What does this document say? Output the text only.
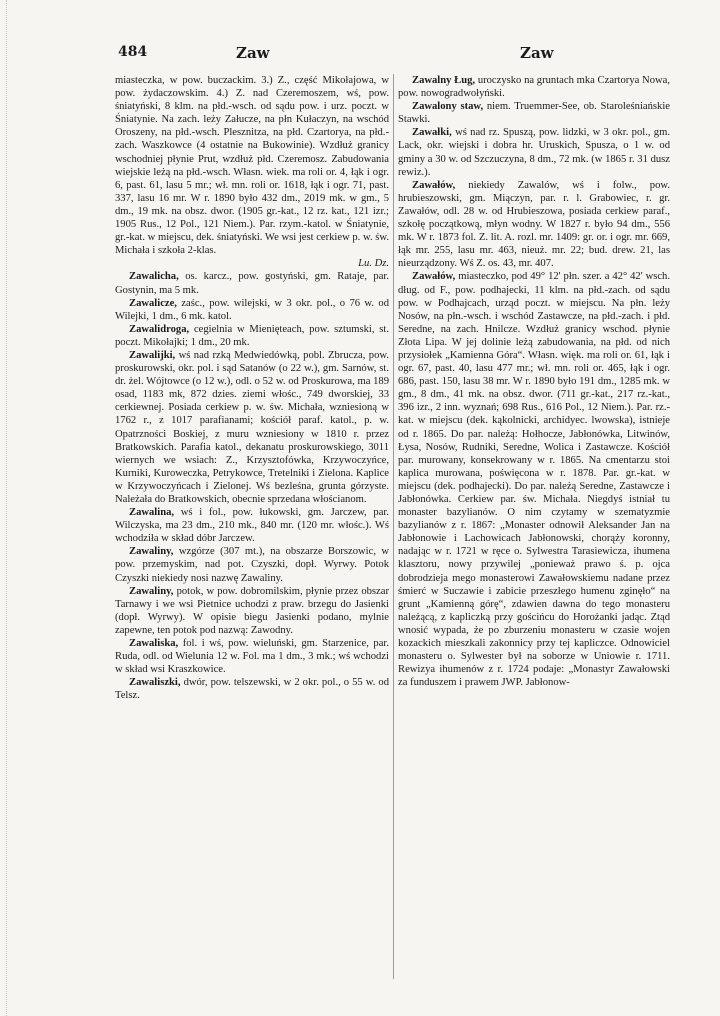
484	Zaw	Zaw

miasteczka, w pow. buczackim. 3.) Z., część Mikołajowa, w pow. żydaczowskim. 4.) Z. nad Czeremoszem, wś, pow. śniatyński, 8 klm. na płd.-wsch. od sądu pow. i urz. poczt. w Śniatynie. Na zach. leży Załucze, na płn Kułaczyn, na wschód Oroszeny, na płd.-wsch. Plesznitza, na płd. Czartorya, na płd.-zach. Waszkowce (4 ostatnie na Bukowinie). Wzdłuż granicy wschodniej płynie Prut, wzdłuż płd. Czeremosz. Zabudowania wiejskie leżą na płd.-wsch. Własn. wiek. ma roli or. 4, łąk i ogr. 6, past. 61, lasu 5 mr.; wł. mn. roli or. 1618, łąk i ogr. 71, past. 337, lasu 16 mr. W r. 1890 było 432 dm., 2019 mk. w gm., 5 dm., 19 mk. na obsz. dwor. (1905 gr.-kat., 12 rz. kat., 121 izr.; 1905 Rus., 12 Pol., 121 Niem.). Par. rzym.-katol. w Śniatynie, gr.-kat. w miejscu, dek. śniatyński. We wsi jest cerkiew p. w. św. Michała i szkoła 2-klas.
Lu. Dz.

Zawalicha, os. karcz., pow. gostyński, gm. Rataje, par. Gostynin, ma 5 mk.

Zawalicze, zaśc., pow. wilejski, w 3 okr. pol., o 76 w. od Wilejki, 1 dm., 6 mk. katol.

Zawalidroga, cegielnia w Mienięteach, pow. sztumski, st. poczt. Mikołajki; 1 dm., 20 mk.

Zawalijki, wś nad rzką Medwiedówką, pobl. Zbrucza, pow. proskurowski, okr. pol. i sąd Satanów (o 22 w.), gm. Sarnów, st. dr. żel. Wójtowce (o 12 w.), odl. o 52 w. od Proskurowa, ma 189 osad, 1183 mk, 872 dzies. ziemi włośc., 749 dworskiej, 33 cerkiewnej. Posiada cerkiew p. w. św. Michała, wzniesioną w 1762 r., z 1017 parafianami; kościół paraf. katol., p. w. Opatrzności Boskiej, z muru wzniesiony w 1810 r. przez Bratkowskich. Parafia katol., dekanatu proskurowskiego, 3011 wiernych we wsiach: Z., Krzysztofówka, Krzywoczyńce, Kurniki, Kuroweczka, Petrykowce, Tretelniki i Zielona. Kaplice w Krzywoczyńcach i Zielonej. Wś bezleśna, grunta górzyste. Należała do Bratkowskich, obecnie sprzedana włościanom.

Zawalina, wś i fol., pow. łukowski, gm. Jarczew, par. Wilczyska, ma 23 dm., 210 mk., 840 mr. (120 mr. włośc.). Wś wchodziła w skład dóbr Jarczew.

Zawaliny, wzgórze (307 mt.), na obszarze Borszowic, w pow. przemyskim, nad pot. Czyszki, dopł. Wyrwy. Potok Czyszki niekiedy nosi nazwę Zawaliny.

Zawaliny, potok, w pow. dobromilskim, płynie przez obszar Tarnawy i we wsi Pietnice uchodzi z praw. brzegu do Jasienki (dopł. Wyrwy). W opisie biegu Jasienki podano, mylnie zapewne, ten potok pod nazwą: Zawodny.

Zawaliska, fol. i wś, pow. wieluński, gm. Starzenice, par. Ruda, odl. od Wielunia 12 w. Fol. ma 1 dm., 3 mk.; wś wchodzi w skład wsi Kraszkowice.

Zawaliszki, dwór, pow. telszewski, w 2 okr. pol., o 55 w. od Telsz.

Zawalny Ług, uroczysko na gruntach mka Czartorya Nowa, pow. nowogradwołyński.

Zawalony staw, niem. Truemmer-See, ob. Staroleśniańskie Stawki.

Zawałki, wś nad rz. Spuszą, pow. lidzki, w 3 okr. pol., gm. Lack, okr. wiejski i dobra hr. Uruskich, Spusza, o 1 w. od gminy a 30 w. od Szczuczyna, 8 dm., 72 mk. (w 1865 r. 31 dusz rewiz.).

Zawałów, niekiedy Zawalów, wś i folw., pow. hrubieszowski, gm. Miączyn, par. r. l. Grabowiec, r. gr. Zawałów, odl. 28 w. od Hrubieszowa, posiada cerkiew paraf., szkołę początkową, młyn wodny. W 1827 r. było 94 dm., 556 mk. W r. 1873 fol. Z. lit. A. rozl. mr. 1409: gr. or. i ogr. mr. 669, łąk mr. 255, lasu mr. 463, nieuż. mr. 22; bud. drew. 21, las nieurządzony. Wś Z. os. 43, mr. 407.

Zawałów, miasteczko, pod 49° 12' płn. szer. a 42° 42' wsch. dług. od F., pow. podhajecki, 11 klm. na płd.-zach. od sądu pow. w Podhajcach, urząd poczt. w miejscu. Na płn. leży Nosów, na płn.-wsch. i wschód Zastawcze, na płd.-zach. i płd. Seredne, na zach. Hnilcze. Wzdłuż granicy wschod. płynie Złota Lipa. W jej dolinie leżą zabudowania, na płd. od nich przysiołek „Kamienna Góra“. Własn. więk. ma roli or. 61, łąk i ogr. 67, past. 40, lasu 477 mr.; wł. mn. roli or. 465, łąk i ogr. 686, past. 150, lasu 38 mr. W r. 1890 było 191 dm., 1285 mk. w gm., 8 dm., 41 mk. na obsz. dwor. (711 gr.-kat., 217 rz.-kat., 396 izr., 2 inn. wyznań; 698 Rus., 616 Pol., 12 Niem.). Par. rz.-kat. w miejscu (dek. kąkolnicki, archidyec. lwowska), istnieje od r. 1865. Do par. należą: Hołhocze, Jabłonówka, Litwinów, Łysa, Nosów, Rudniki, Seredne, Wolica i Zastawcze. Kościół par. murowany, konsekrowany w r. 1865. Na cmentarzu stoi kaplica murowana, poświęcona w r. 1878. Par. gr.-kat. w miejscu (dek. podhajecki). Do par. należą Seredne, Zastawcze i Jabłonówka. Cerkiew par. św. Michała. Niegdyś istniał tu monaster bazylianów. O nim czytamy w szematyzmie bazylianów z r. 1867: „Monaster odnowił Aleksander Jan na Jabłonowie i Lachowicach Jabłonowski, chorąży koronny, nadając w r. 1721 w ręce o. Sylwestra Tarasiewicza, ihumena klasztoru, nowy przywilej „ponieważ prawo ś. p. ojca dobrodzieja mego monasterowi Zawałowskiemu nadane przez śmierć w Suczawie i zabicie przeszłego humenu zginęło“ na grunt „Kamienną górę“, zdawien dawna do tego monasteru należącą, z kapliczką przy gościńcu do Horożanki jadąc. Ztąd wnosić wypada, że po zburzeniu monasteru w czasie wojen kozackich mieszkali zakonnicy przy tej kapliczce. Odnowiciel monasteru o. Sylwester był na soborze w Uniowie r. 1711. Rewizya ihumenów z r. 1724 podaje: „Monastyr Zawałowski za funduszem i prawem JWP. Jabłonow-
